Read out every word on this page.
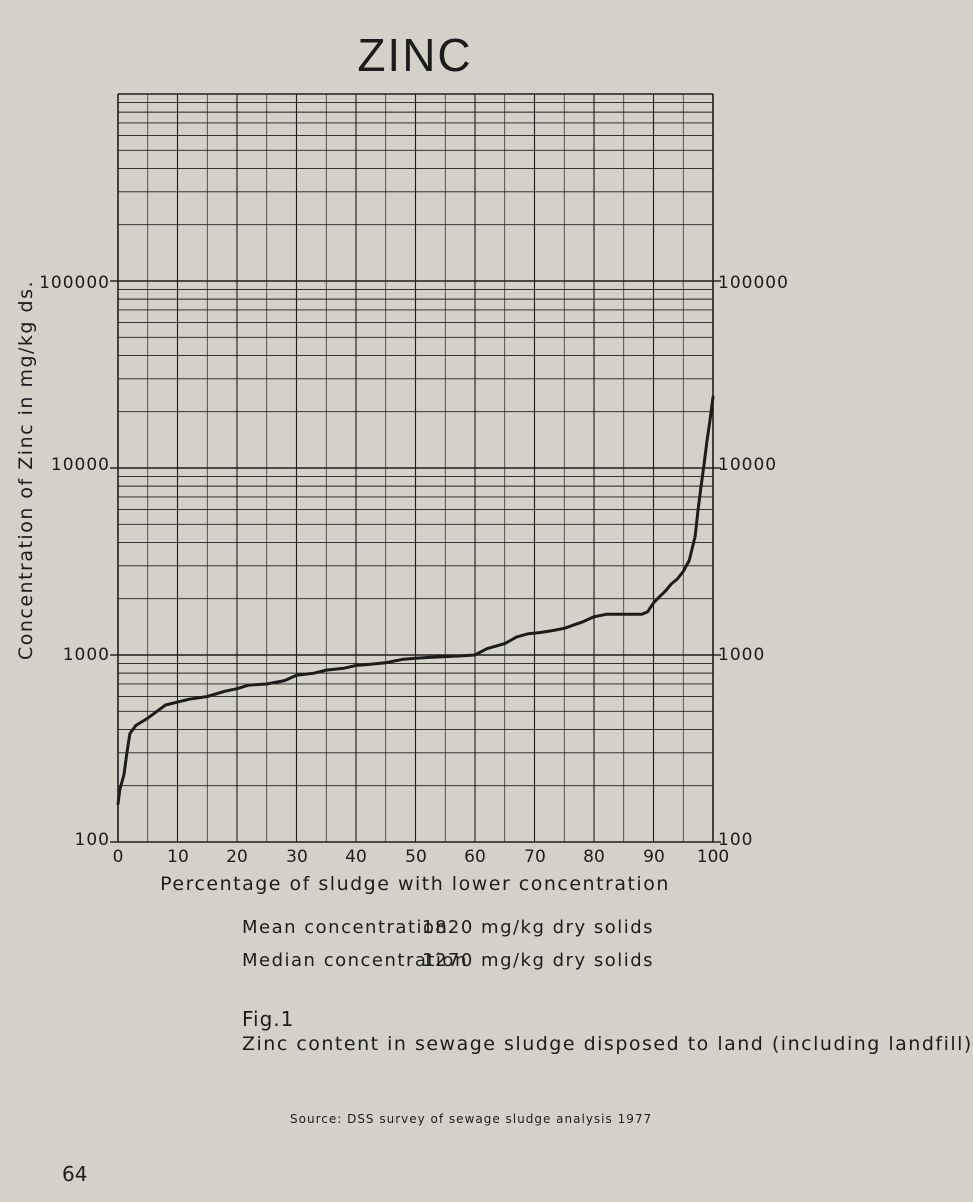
ZINC
Concentration of Zinc in mg/kg ds. 100000
10000
1000
100
100000
10000
1000
100
0	10	20	30	40	50	60	70	80	90	100
Percentage of sludge with lower concentration
Mean concentration
1820 mg/kg dry solids
Median concentration
1270 mg/kg dry solids
Fig.1
Zinc content in sewage sludge disposed to land (including landfill)
Source: DSS survey of sewage sludge analysis 1977
64
